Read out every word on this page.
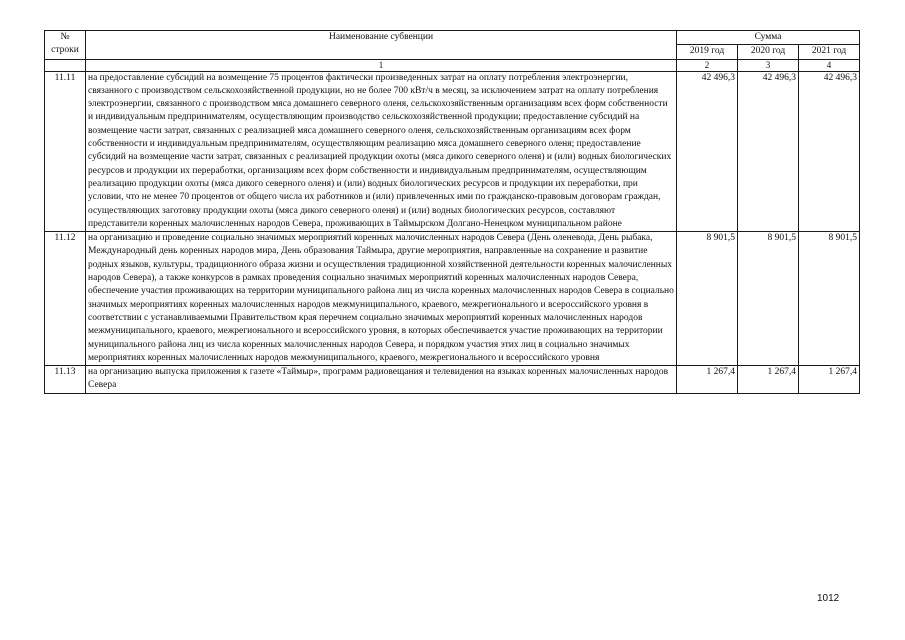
№
строки	Наименование субвенции	Сумма		
		2019 год	2020 год	2021 год
	1	2	3	4
11.11	на предоставление субсидий на возмещение 75 процентов фактически произведенных затрат на оплату потребления электроэнергии, связанного с производством сельскохозяйственной продукции, но не более 700 кВт/ч в месяц, за исключением затрат на оплату потребления электроэнергии, связанного с производством мяса домашнего северного оленя, сельскохозяйственным организациям всех форм собственности и индивидуальным предпринимателям, осуществляющим производство сельскохозяйственной продукции; предоставление субсидий на возмещение части затрат, связанных с реализацией мяса домашнего северного оленя, сельскохозяйственным организациям всех форм собственности и индивидуальным предпринимателям, осуществляющим реализацию мяса домашнего северного оленя; предоставление субсидий на возмещение части затрат, связанных с реализацией продукции охоты (мяса дикого северного оленя) и (или) водных биологических ресурсов и продукции их переработки, организациям всех форм собственности и индивидуальным предпринимателям, осуществляющим реализацию продукции охоты (мяса дикого северного оленя) и (или) водных биологических ресурсов и продукции их переработки, при условии, что не менее 70 процентов от общего числа их работников и (или) привлеченных ими по гражданско-правовым договорам граждан, осуществляющих заготовку продукции охоты (мяса дикого северного оленя) и (или) водных биологических ресурсов, составляют представители коренных малочисленных народов Севера, проживающих в Таймырском Долгано-Ненецком муниципальном районе	42 496,3	42 496,3	42 496,3
11.12	на организацию и проведение социально значимых мероприятий коренных малочисленных народов Севера (День оленевода, День рыбака, Международный день коренных народов мира, День образования Таймыра, другие мероприятия, направленные на сохранение и развитие родных языков, культуры, традиционного образа жизни и осуществления традиционной хозяйственной деятельности коренных малочисленных народов Севера), а также конкурсов в рамках проведения социально значимых мероприятий коренных малочисленных народов Севера, обеспечение участия проживающих на территории муниципального района лиц из числа коренных малочисленных народов Севера в социально значимых мероприятиях коренных малочисленных народов межмуниципального, краевого, межрегионального и всероссийского уровня в соответствии с устанавливаемыми Правительством края перечнем социально значимых мероприятий коренных малочисленных народов межмуниципального, краевого, межрегионального и всероссийского уровня, в которых обеспечивается участие проживающих на территории муниципального района лиц из числа коренных малочисленных народов Севера, и порядком участия этих лиц в социально значимых мероприятиях коренных малочисленных народов межмуниципального, краевого, межрегионального и всероссийского уровня	8 901,5	8 901,5	8 901,5
11.13	на организацию выпуска приложения к газете «Таймыр», программ радиовещания и телевидения на языках коренных малочисленных народов Севера	1 267,4	1 267,4	1 267,4
1012
